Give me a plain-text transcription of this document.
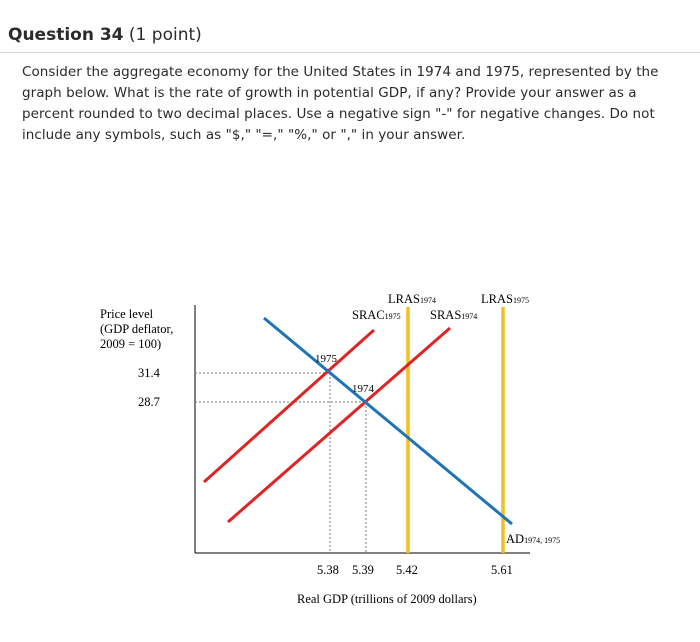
Question 34 (1 point)
Consider the aggregate economy for the United States in 1974 and 1975, represented by the graph below. What is the rate of growth in potential GDP, if any? Provide your answer as a percent rounded to two decimal places. Use a negative sign "-" for negative changes. Do not include any symbols, such as "$," "=," "%," or "," in your answer.
Price level (GDP deflator, 2009 = 100)
31.4
28.7
5.38 5.39 5.42	5.61
Real GDP (trillions of 2009 dollars)
LRAS1974	LRAS1975
SRAC1975 SRAS1974
AD1974, 1975
1975
1974
